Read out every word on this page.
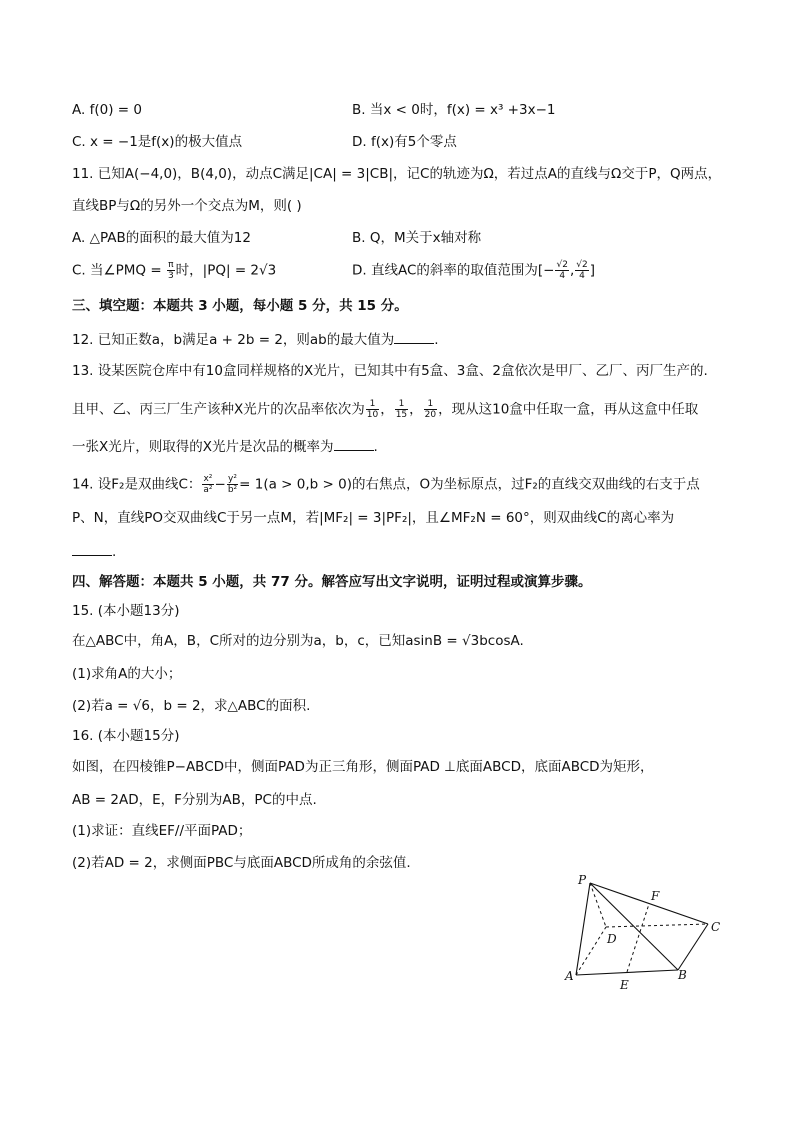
A. f(0) = 0	B. 当x < 0时，f(x) = x³ +3x−1
C. x = −1是f(x)的极大值点	D. f(x)有5个零点
11. 已知A(−4,0)，B(4,0)，动点C满足|CA| = 3|CB|，记C的轨迹为Ω，若过点A的直线与Ω交于P，Q两点，
直线BP与Ω的另外一个交点为M，则( )
A. △PAB的面积的最大值为12	B. Q，M关于x轴对称
C. 当∠PMQ = $\frac{\pi}{3}$ 时，|PQ| = 2√3	D. 直线AC的斜率的取值范围为[− $\frac{√2}{4}$ , $\frac{√2}{4}$ ]
三、填空题：本题共 3 小题，每小题 5 分，共 15 分。
12. 已知正数a，b满足a + 2b = 2，则ab的最大值为	.
13. 设某医院仓库中有10盒同样规格的X光片，已知其中有5盒、3盒、2盒依次是甲厂、乙厂、丙厂生产的.
且甲、乙、丙三厂生产该种X光片的次品率依次为 $\frac{1}{10}$ ， $\frac{1}{15}$ ， $\frac{1}{20}$ ，现从这10盒中任取一盒，再从这盒中任取
一张X光片，则取得的X光片是次品的概率为	.
14. 设F₂是双曲线C： $\frac{\text{x²}}{\text{a²}} - \frac{\text{y²}}{\text{b²}} = 1(a > 0,b > 0)$的右焦点，O为坐标原点，过F₂的直线交双曲线的右支于点
P、N，直线PO交双曲线C于另一点M，若|MF₂| = 3|PF₂|，且∠MF₂N = 60°，则双曲线C的离心率为
.
四、解答题：本题共 5 小题，共 77 分。解答应写出文字说明，证明过程或演算步骤。
15. (本小题13分)
在△ABC中，角A，B，C所对的边分别为a，b，c，已知asinB = √3bcosA.
(1)求角A的大小；
(2)若a = √6，b = 2，求△ABC的面积.
16. (本小题15分)
如图，在四棱锥P−ABCD中，侧面PAD为正三角形，侧面PAD ⊥底面ABCD，底面ABCD为矩形，
AB = 2AD，E，F分别为AB，PC的中点.
(1)求证：直线EF//平面PAD；
(2)若AD = 2，求侧面PBC与底面ABCD所成角的余弦值.
P
F
C
D
A
E
B
